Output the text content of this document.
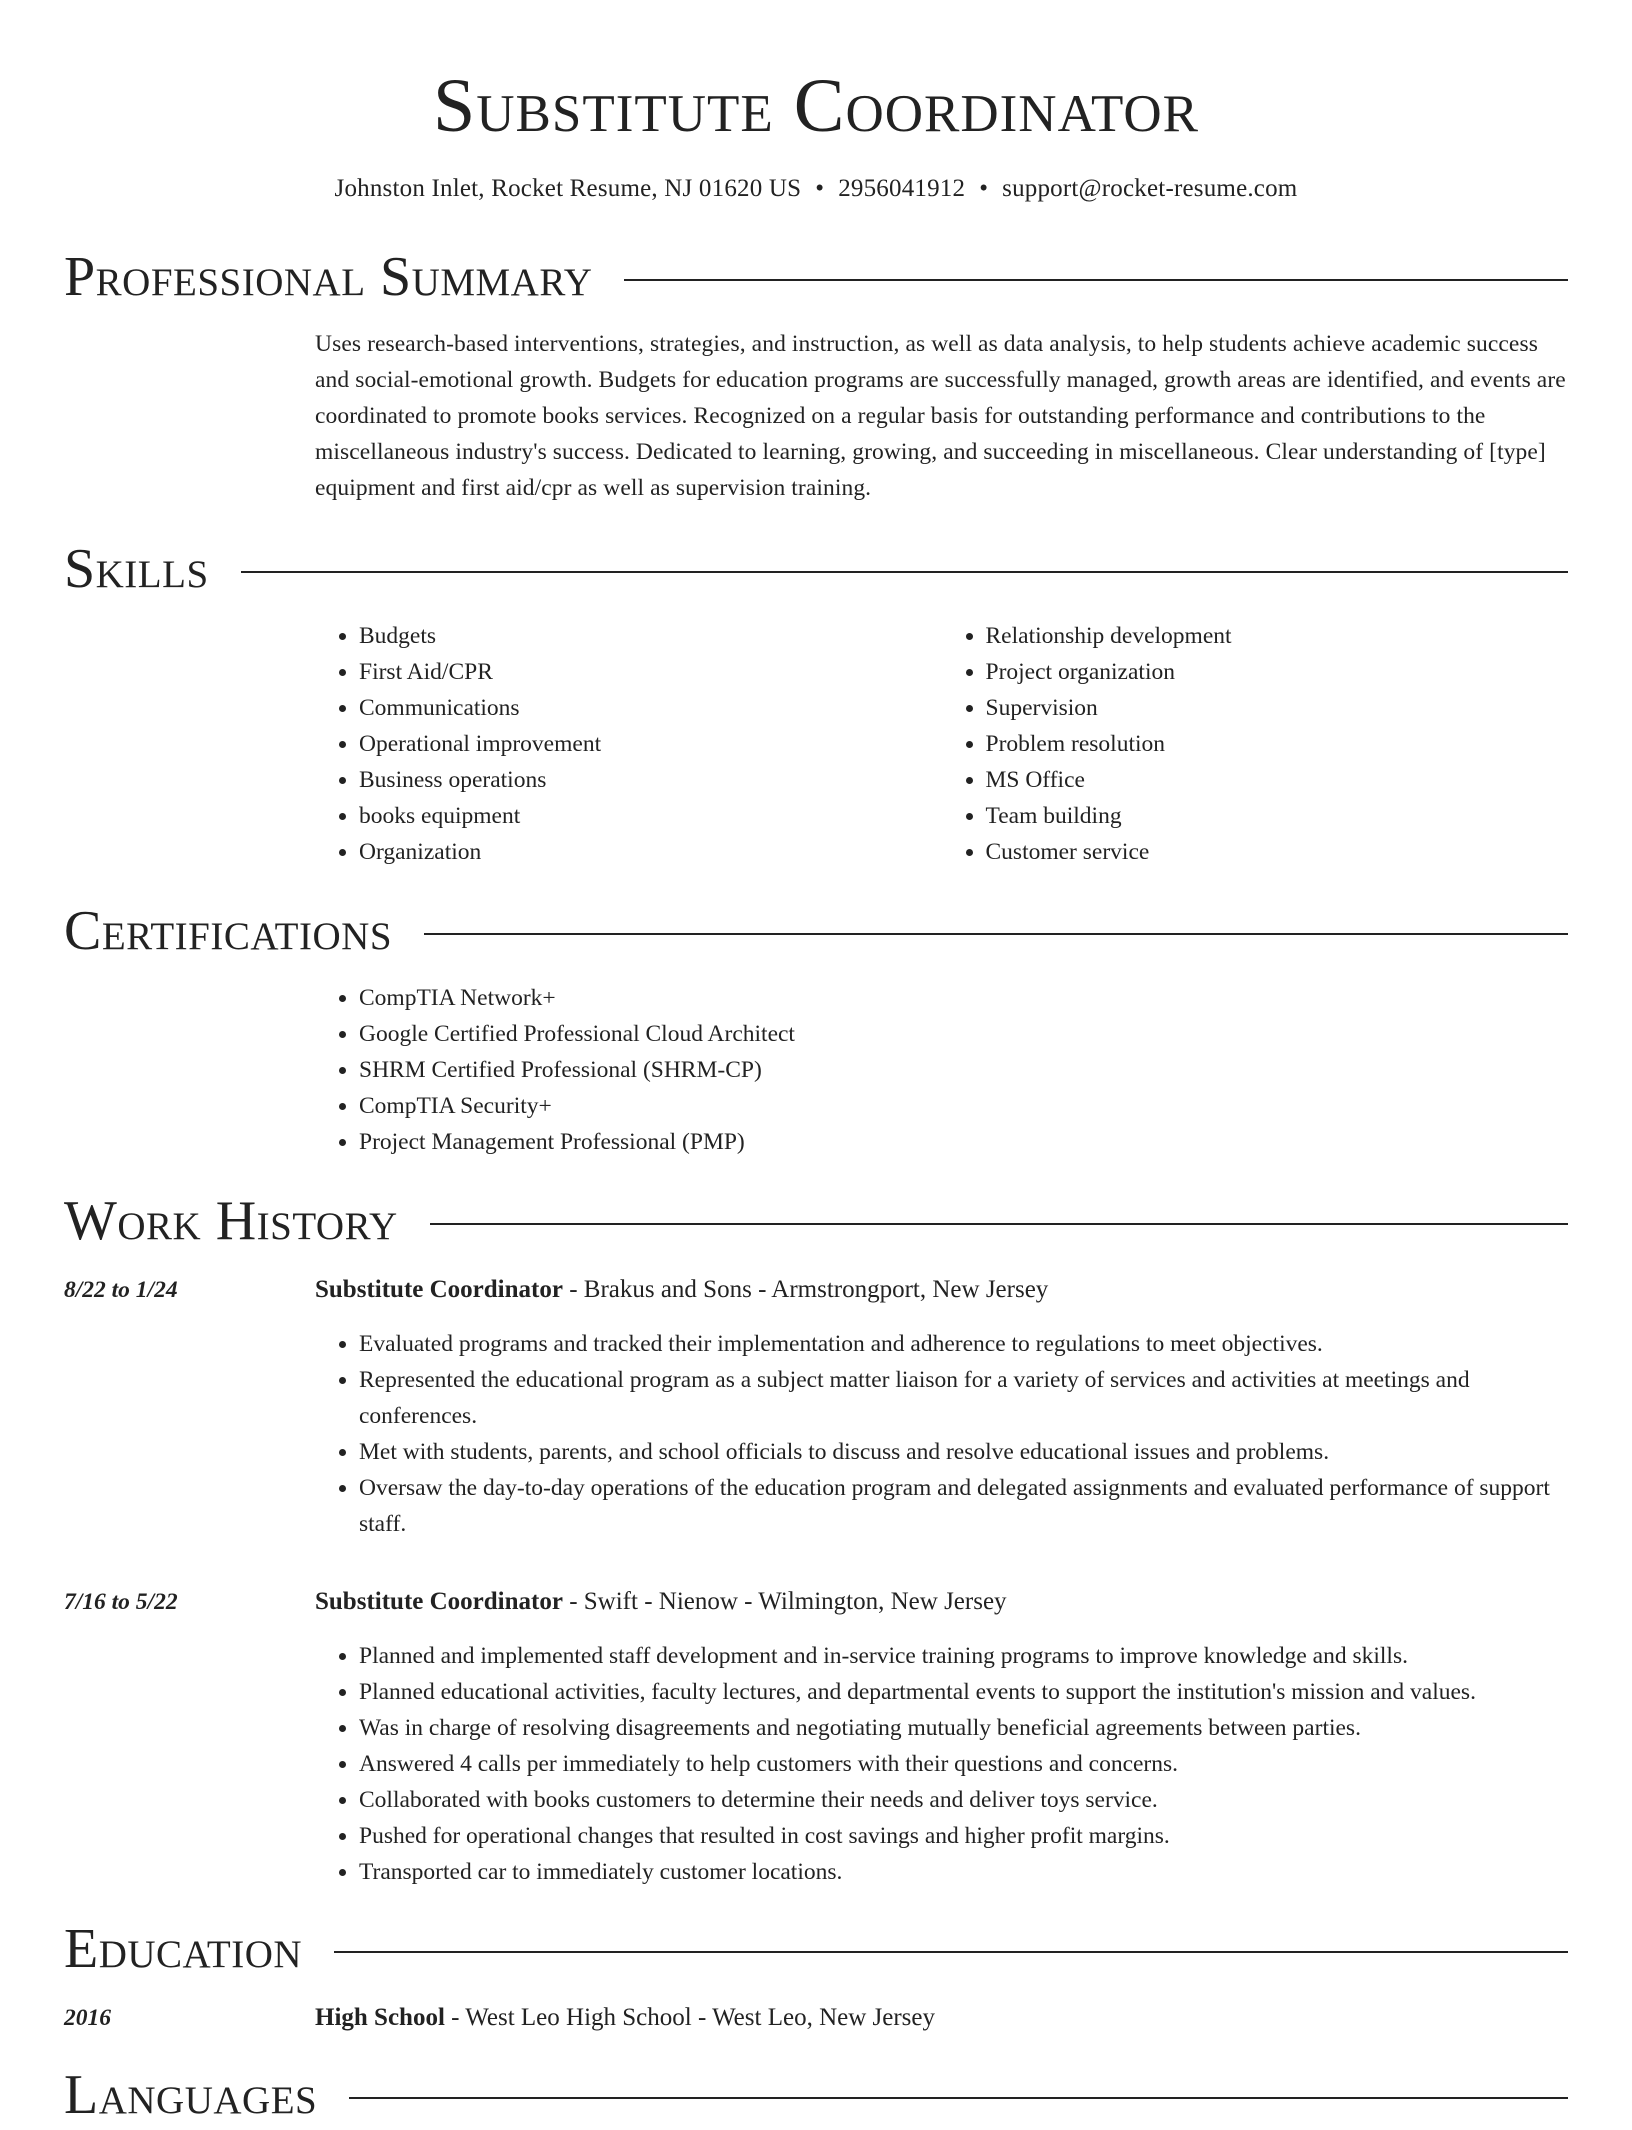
Substitute Coordinator
Johnston Inlet, Rocket Resume, NJ 01620 US • 2956041912 • support@rocket-resume.com
Professional Summary
Uses research-based interventions, strategies, and instruction, as well as data analysis, to help students achieve academic success and social-emotional growth. Budgets for education programs are successfully managed, growth areas are identified, and events are coordinated to promote books services. Recognized on a regular basis for outstanding performance and contributions to the miscellaneous industry's success. Dedicated to learning, growing, and succeeding in miscellaneous. Clear understanding of [type] equipment and first aid/cpr as well as supervision training.
Skills
• Budgets
• First Aid/CPR
• Communications
• Operational improvement
• Business operations
• books equipment
• Organization
• Relationship development
• Project organization
• Supervision
• Problem resolution
• MS Office
• Team building
• Customer service
Certifications
• CompTIA Network+
• Google Certified Professional Cloud Architect
• SHRM Certified Professional (SHRM-CP)
• CompTIA Security+
• Project Management Professional (PMP)
Work History
8/22 to 1/24	Substitute Coordinator - Brakus and Sons - Armstrongport, New Jersey
• Evaluated programs and tracked their implementation and adherence to regulations to meet objectives.
• Represented the educational program as a subject matter liaison for a variety of services and activities at meetings and conferences.
• Met with students, parents, and school officials to discuss and resolve educational issues and problems.
• Oversaw the day-to-day operations of the education program and delegated assignments and evaluated performance of support staff.
7/16 to 5/22	Substitute Coordinator - Swift - Nienow - Wilmington, New Jersey
• Planned and implemented staff development and in-service training programs to improve knowledge and skills.
• Planned educational activities, faculty lectures, and departmental events to support the institution's mission and values.
• Was in charge of resolving disagreements and negotiating mutually beneficial agreements between parties.
• Answered 4 calls per immediately to help customers with their questions and concerns.
• Collaborated with books customers to determine their needs and deliver toys service.
• Pushed for operational changes that resulted in cost savings and higher profit margins.
• Transported car to immediately customer locations.
Education
2016	High School - West Leo High School - West Leo, New Jersey
Languages
